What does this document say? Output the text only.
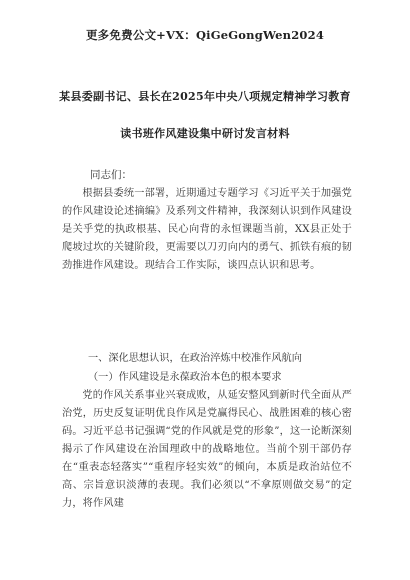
更多免费公文+VX：QiGeGongWen2024
某县委副书记、县长在2025年中央八项规定精神学习教育
读书班作风建设集中研讨发言材料
同志们：
根据县委统一部署，近期通过专题学习《习近平关于加强党的作风建设论述摘编》及系列文件精神，我深刻认识到作风建设是关乎党的执政根基、民心向背的永恒课题当前，XX县正处于爬坡过坎的关键阶段，更需要以刀刃向内的勇气、抓铁有痕的韧劲推进作风建设。现结合工作实际，谈四点认识和思考。
一、深化思想认识，在政治淬炼中校准作风航向
（一）作风建设是永葆政治本色的根本要求
党的作风关系事业兴衰成败，从延安整风到新时代全面从严治党，历史反复证明优良作风是党赢得民心、战胜困难的核心密码。习近平总书记强调“党的作风就是党的形象”，这一论断深刻揭示了作风建设在治国理政中的战略地位。当前个别干部仍存在“重表态轻落实”“重程序轻实效”的倾向，本质是政治站位不高、宗旨意识淡薄的表现。我们必须以“不拿原则做交易”的定力，将作风建
